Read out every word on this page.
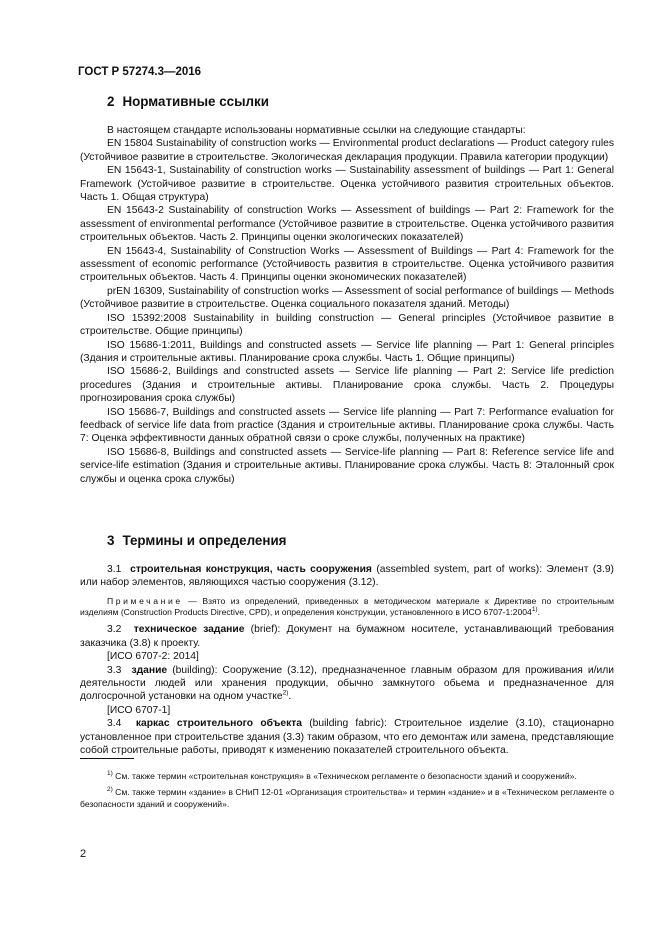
ГОСТ Р 57274.3—2016
2 Нормативные ссылки

В настоящем стандарте использованы нормативные ссылки на следующие стандарты:

EN 15804 Sustainability of construction works — Environmental product declarations — Product category rules (Устойчивое развитие в строительстве. Экологическая декларация продукции. Правила категории продукции)

EN 15643-1, Sustainability of construction works — Sustainability assessment of buildings — Part 1: General Framework (Устойчивое развитие в строительстве. Оценка устойчивого развития строительных объектов. Часть 1. Общая структура)

EN 15643-2 Sustainability of construction Works — Assessment of buildings — Part 2: Framework for the assessment of environmental performance (Устойчивое развитие в строительстве. Оценка устойчивого развития строительных объектов. Часть 2. Принципы оценки экологических показателей)

EN 15643-4, Sustainability of Construction Works — Assessment of Buildings — Part 4: Framework for the assessment of economic performance (Устойчивость развития в строительстве. Оценка устойчивого развития строительных объектов. Часть 4. Принципы оценки экономических показателей)

prEN 16309, Sustainability of construction works — Assessment of social performance of buildings — Methods (Устойчивое развитие в строительстве. Оценка социального показателя зданий. Методы)

ISO 15392:2008 Sustainability in building construction — General principles (Устойчивое развитие в строительстве. Общие принципы)

ISO 15686-1:2011, Buildings and constructed assets — Service life planning — Part 1: General principles (Здания и строительные активы. Планирование срока службы. Часть 1. Общие принципы)

ISO 15686-2, Buildings and constructed assets — Service life planning — Part 2: Service life prediction procedures (Здания и строительные активы. Планирование срока службы. Часть 2. Процедуры прогнозирования срока службы)

ISO 15686-7, Buildings and constructed assets — Service life planning — Part 7: Performance evaluation for feedback of service life data from practice (Здания и строительные активы. Планирование срока службы. Часть 7: Оценка эффективности данных обратной связи о сроке службы, полученных на практике)

ISO 15686-8, Buildings and constructed assets — Service-life planning — Part 8: Reference service life and service-life estimation (Здания и строительные активы. Планирование срока службы. Часть 8: Эталонный срок службы и оценка срока службы)

3 Термины и определения

3.1 строительная конструкция, часть сооружения (assembled system, part of works): Элемент (3.9) или набор элементов, являющихся частью сооружения (3.12).

Примечание — Взято из определений, приведенных в методическом материале к Директиве по строительным изделиям (Construction Products Directive, CPD), и определения конструкции, установленного в ИСО 6707-1:2004$^{1)}$.

3.2 техническое задание (brief): Документ на бумажном носителе, устанавливающий требования заказчика (3.8) к проекту.

[ИСО 6707-2: 2014]

3.3 здание (building): Сооружение (3.12), предназначенное главным образом для проживания и/или деятельности людей или хранения продукции, обычно замкнутого обьема и предназначенное для долгосрочной установки на одном участке$^{2)}$.

[ИСО 6707-1]

3.4 каркас строительного объекта (building fabric): Строительное изделие (3.10), стационарно установленное при строительстве здания (3.3) таким образом, что его демонтаж или замена, представляющие собой строительные работы, приводят к изменению показателей строительного объекта.

$^{1)}$ См. также термин «строительная конструкция» в «Техническом регламенте о безопасности зданий и сооружений».

$^{2)}$ См. также термин «здание» в СНиП 12-01 «Организация строительства» и термин «здание» и в «Техническом регламенте о безопасности зданий и сооружений».

2
